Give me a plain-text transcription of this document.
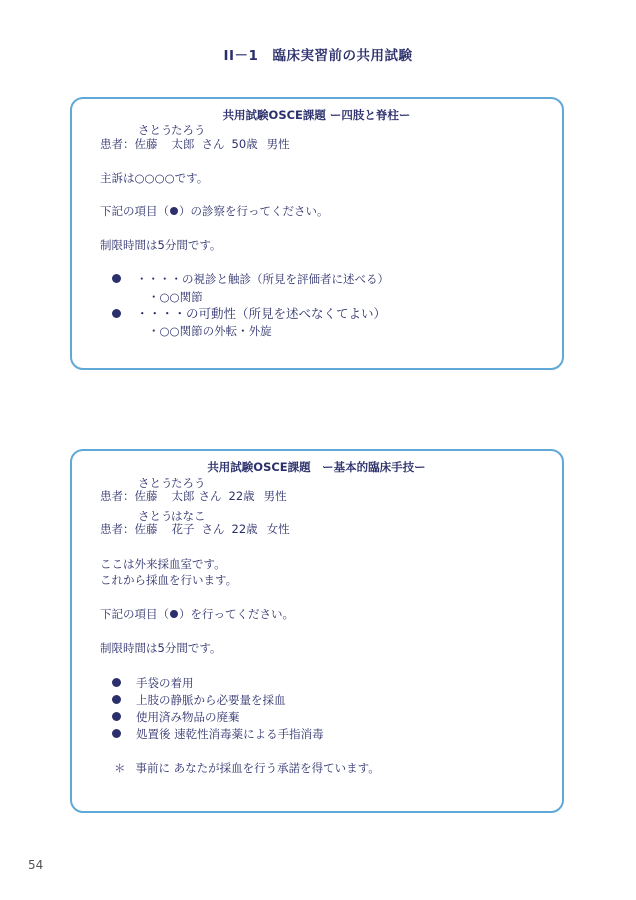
II－1 臨床実習前の共用試験
共用試験OSCE課題 ー四肢と脊柱ー
さとう
たろう
患者：佐藤 太郎 さん 50歳 男性
主訴は○○○○です。
下記の項目（ ）の診察を行ってください。
制限時間は5分間です。
・・・・の視診と触診（所見を評価者に述べる）
・○○関節
・・・・の可動性（所見を述べなくてよい）
・○○関節の外転・外旋
共用試験OSCE課題　ー基本的臨床手技ー
さとう
たろう
患者：佐藤 太郎 さん 22歳 男性
さとう
はなこ
患者：佐藤 花子 さん 22歳 女性
ここは外来採血室です。
これから採血を行います。
下記の項目（ ）を行ってください。
制限時間は5分間です。
手袋の着用
上肢の静脈から必要量を採血
使用済み物品の廃棄
処置後 速乾性消毒薬による手指消毒
＊ 事前に あなたが採血を行う承諾を得ています。
54
